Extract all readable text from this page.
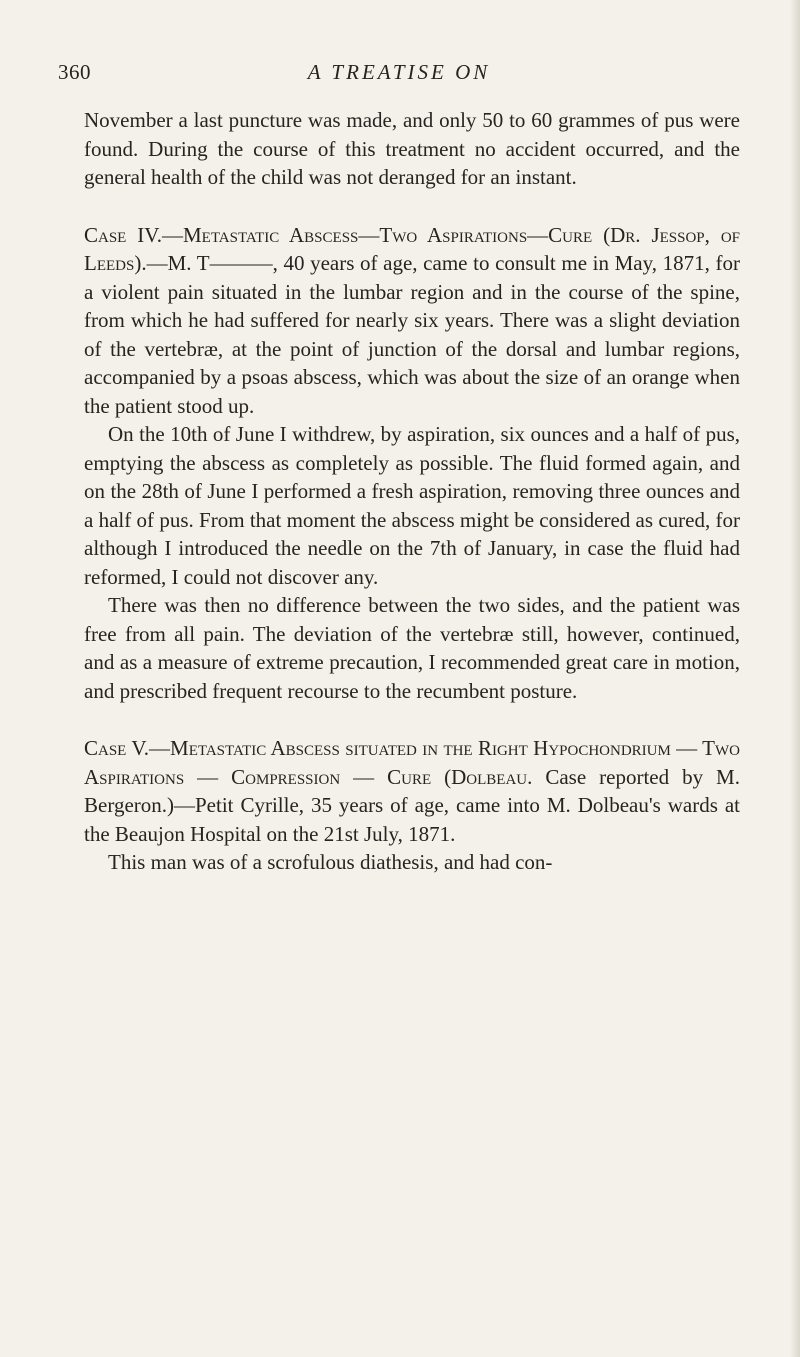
360	A TREATISE ON

November a last puncture was made, and only 50 to 60 grammes of pus were found. During the course of this treatment no accident occurred, and the general health of the child was not deranged for an instant.

Case IV.—Metastatic Abscess—Two Aspirations—Cure (Dr. Jessop, of Leeds).—M. T———, 40 years of age, came to consult me in May, 1871, for a violent pain situated in the lumbar region and in the course of the spine, from which he had suffered for nearly six years. There was a slight deviation of the vertebræ, at the point of junction of the dorsal and lumbar regions, accompanied by a psoas abscess, which was about the size of an orange when the patient stood up.

On the 10th of June I withdrew, by aspiration, six ounces and a half of pus, emptying the abscess as completely as possible. The fluid formed again, and on the 28th of June I performed a fresh aspiration, removing three ounces and a half of pus. From that moment the abscess might be considered as cured, for although I introduced the needle on the 7th of January, in case the fluid had reformed, I could not discover any.

There was then no difference between the two sides, and the patient was free from all pain. The deviation of the vertebræ still, however, continued, and as a measure of extreme precaution, I recommended great care in motion, and prescribed frequent recourse to the recumbent posture.

Case V.—Metastatic Abscess situated in the Right Hypochondrium — Two Aspirations — Compression — Cure (Dolbeau. Case reported by M. Bergeron.)—Petit Cyrille, 35 years of age, came into M. Dolbeau's wards at the Beaujon Hospital on the 21st July, 1871.

This man was of a scrofulous diathesis, and had con-
